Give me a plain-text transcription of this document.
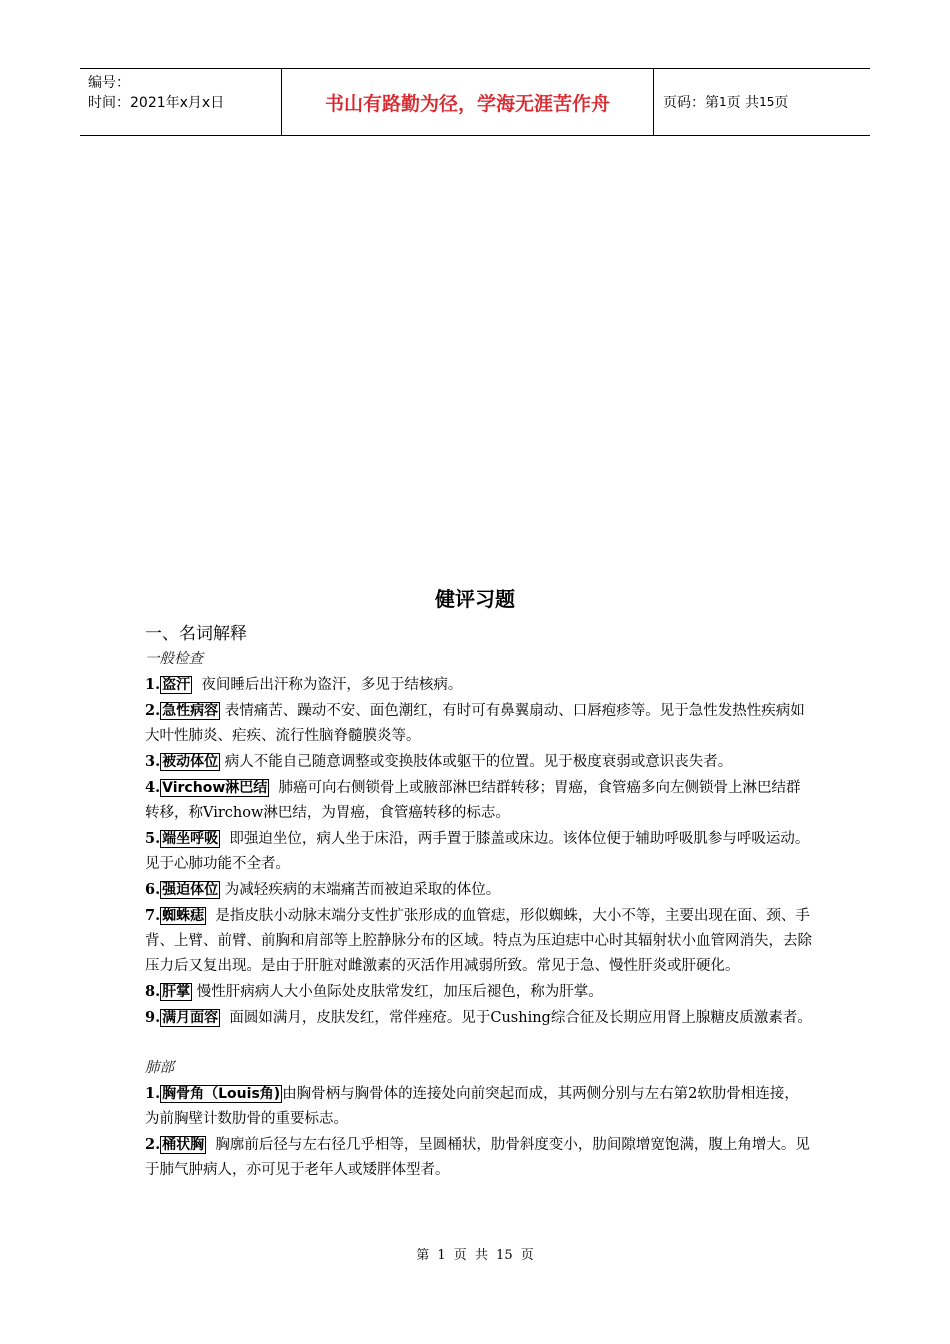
编号：
时间：2021年x月x日	书山有路勤为径，学海无涯苦作舟	页码：第 1 页 共 15 页
健评习题
一、名词解释
一般检查

1. 盗汗  夜间睡后出汗称为盗汗，多见于结核病。

2. 急性病容 表情痛苦、躁动不安、面色潮红，有时可有鼻翼扇动、口唇疱疹等。见于急性发热性疾病如大叶性肺炎、疟疾、流行性脑脊髓膜炎等。

3. 被动体位 病人不能自己随意调整或变换肢体或躯干的位置。见于极度衰弱或意识丧失者。

4. Virchow淋巴结  肺癌可向右侧锁骨上或腋部淋巴结群转移；胃癌，食管癌多向左侧锁骨上淋巴结群转移，称Virchow淋巴结，为胃癌，食管癌转移的标志。

5. 端坐呼吸  即强迫坐位，病人坐于床沿，两手置于膝盖或床边。该体位便于辅助呼吸肌参与呼吸运动。见于心肺功能不全者。

6. 强迫体位 为减轻疾病的末端痛苦而被迫采取的体位。

7. 蜘蛛痣  是指皮肤小动脉末端分支性扩张形成的血管痣，形似蜘蛛，大小不等，主要出现在面、颈、手背、上臂、前臂、前胸和肩部等上腔静脉分布的区域。特点为压迫痣中心时其辐射状小血管网消失，去除压力后又复出现。是由于肝脏对雌激素的灭活作用减弱所致。常见于急、慢性肝炎或肝硬化。

8. 肝掌 慢性肝病病人大小鱼际处皮肤常发红，加压后褪色，称为肝掌。

9. 满月面容  面圆如满月，皮肤发红，常伴痤疮。见于Cushing综合征及长期应用肾上腺糖皮质激素者。

肺部

1. 胸骨角（Louis角) 由胸骨柄与胸骨体的连接处向前突起而成，其两侧分别与左右第2软肋骨相连接，为前胸壁计数肋骨的重要标志。

2. 桶状胸  胸廓前后径与左右径几乎相等，呈圆桶状，肋骨斜度变小，肋间隙增宽饱满，腹上角增大。见于肺气肿病人，亦可见于老年人或矮胖体型者。

第 1 页 共 15 页
